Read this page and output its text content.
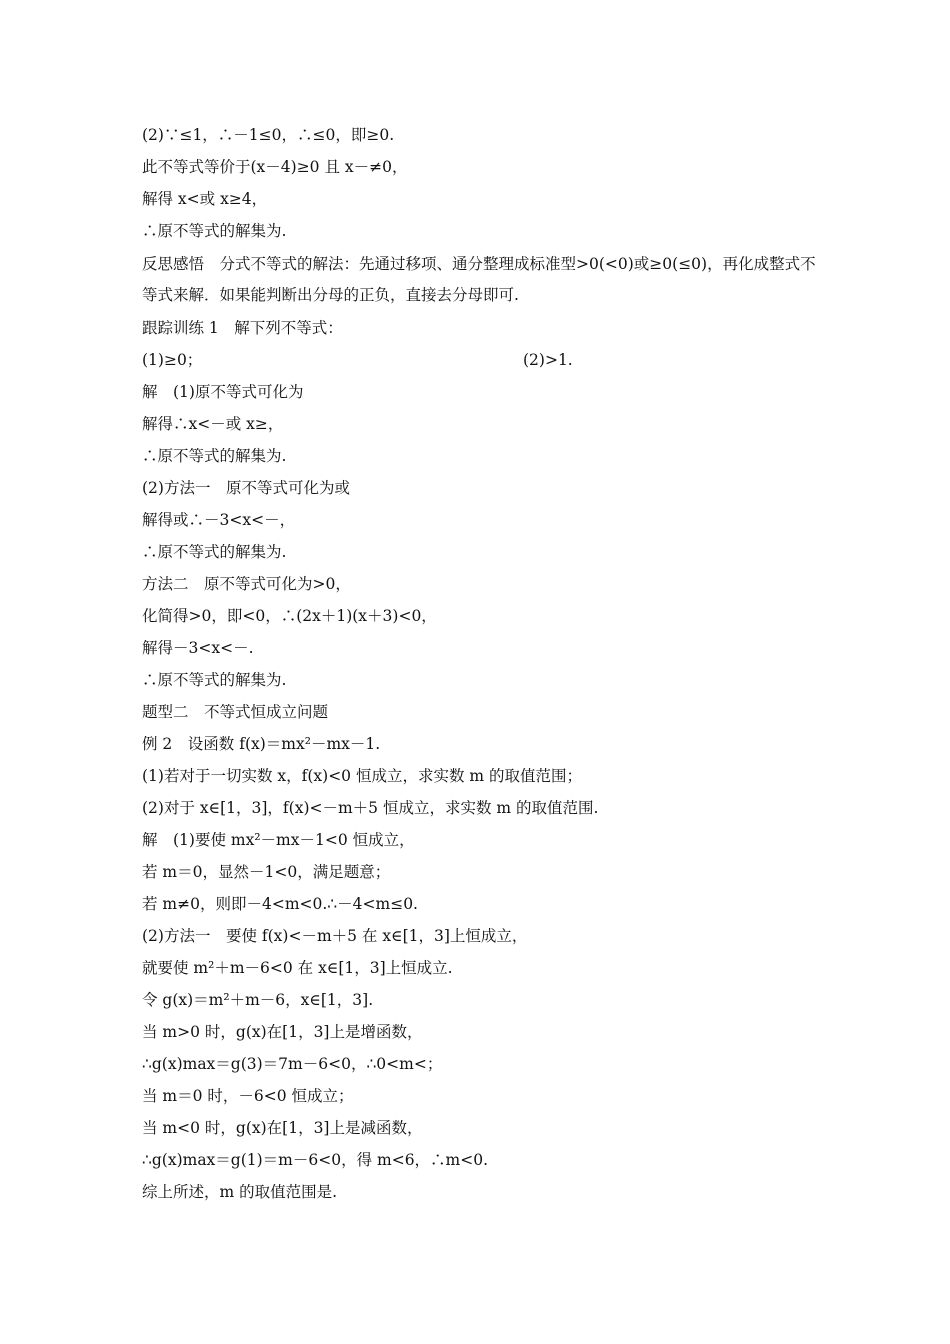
(2)∵≤1，∴－1≤0，∴≤0，即≥0.
此不等式等价于(x－4)≥0 且 x－≠0，
解得 x<或 x≥4，
∴原不等式的解集为.
反思感悟　分式不等式的解法：先通过移项、通分整理成标准型>0(<0)或≥0(≤0)，再化成整式不等式来解．如果能判断出分母的正负，直接去分母即可.
跟踪训练 1　解下列不等式：
(1)≥0；	(2)>1.
解　(1)原不等式可化为
解得∴x<－或 x≥，
∴原不等式的解集为.
(2)方法一　原不等式可化为或
解得或∴－3<x<－，
∴原不等式的解集为.
方法二　原不等式可化为>0，
化简得>0，即<0，∴(2x＋1)(x＋3)<0，
解得－3<x<－.
∴原不等式的解集为.
题型二　不等式恒成立问题
例 2　设函数 f(x)＝mx²－mx－1.
(1)若对于一切实数 x，f(x)<0 恒成立，求实数 m 的取值范围；
(2)对于 x∈[1，3]，f(x)<－m＋5 恒成立，求实数 m 的取值范围.
解　(1)要使 mx²－mx－1<0 恒成立，
若 m＝0，显然－1<0，满足题意；
若 m≠0，则即－4<m<0.∴－4<m≤0.
(2)方法一　要使 f(x)<－m＋5 在 x∈[1，3]上恒成立，
就要使 m²＋m－6<0 在 x∈[1，3]上恒成立.
令 g(x)＝m²＋m－6，x∈[1，3].
当 m>0 时，g(x)在[1，3]上是增函数，
∴g(x)max＝g(3)＝7m－6<0，∴0<m<；
当 m＝0 时，－6<0 恒成立；
当 m<0 时，g(x)在[1，3]上是减函数，
∴g(x)max＝g(1)＝m－6<0，得 m<6，∴m<0.
综上所述，m 的取值范围是.
